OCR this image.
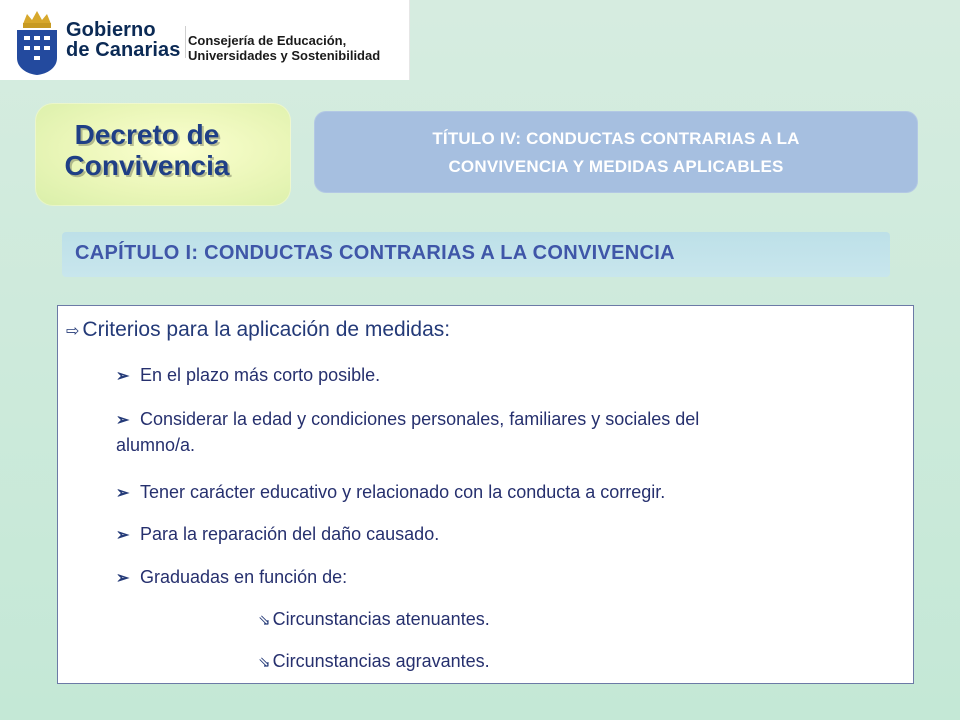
Gobierno
de Canarias Consejería de Educación,
Universidades y Sostenibilidad
Decreto de
Convivencia
TÍTULO IV: CONDUCTAS CONTRARIAS A LA
CONVIVENCIA Y MEDIDAS APLICABLES
CAPÍTULO I: CONDUCTAS CONTRARIAS A LA CONVIVENCIA
⇨ Criterios para la aplicación de medidas:
➢ En el plazo más corto posible.
➢ Considerar la edad y condiciones personales, familiares y sociales del
alumno/a.
➢ Tener carácter educativo y relacionado con la conducta a corregir.
➢ Para la reparación del daño causado.
➢ Graduadas en función de:
⇘ Circunstancias atenuantes.
⇘ Circunstancias agravantes.
